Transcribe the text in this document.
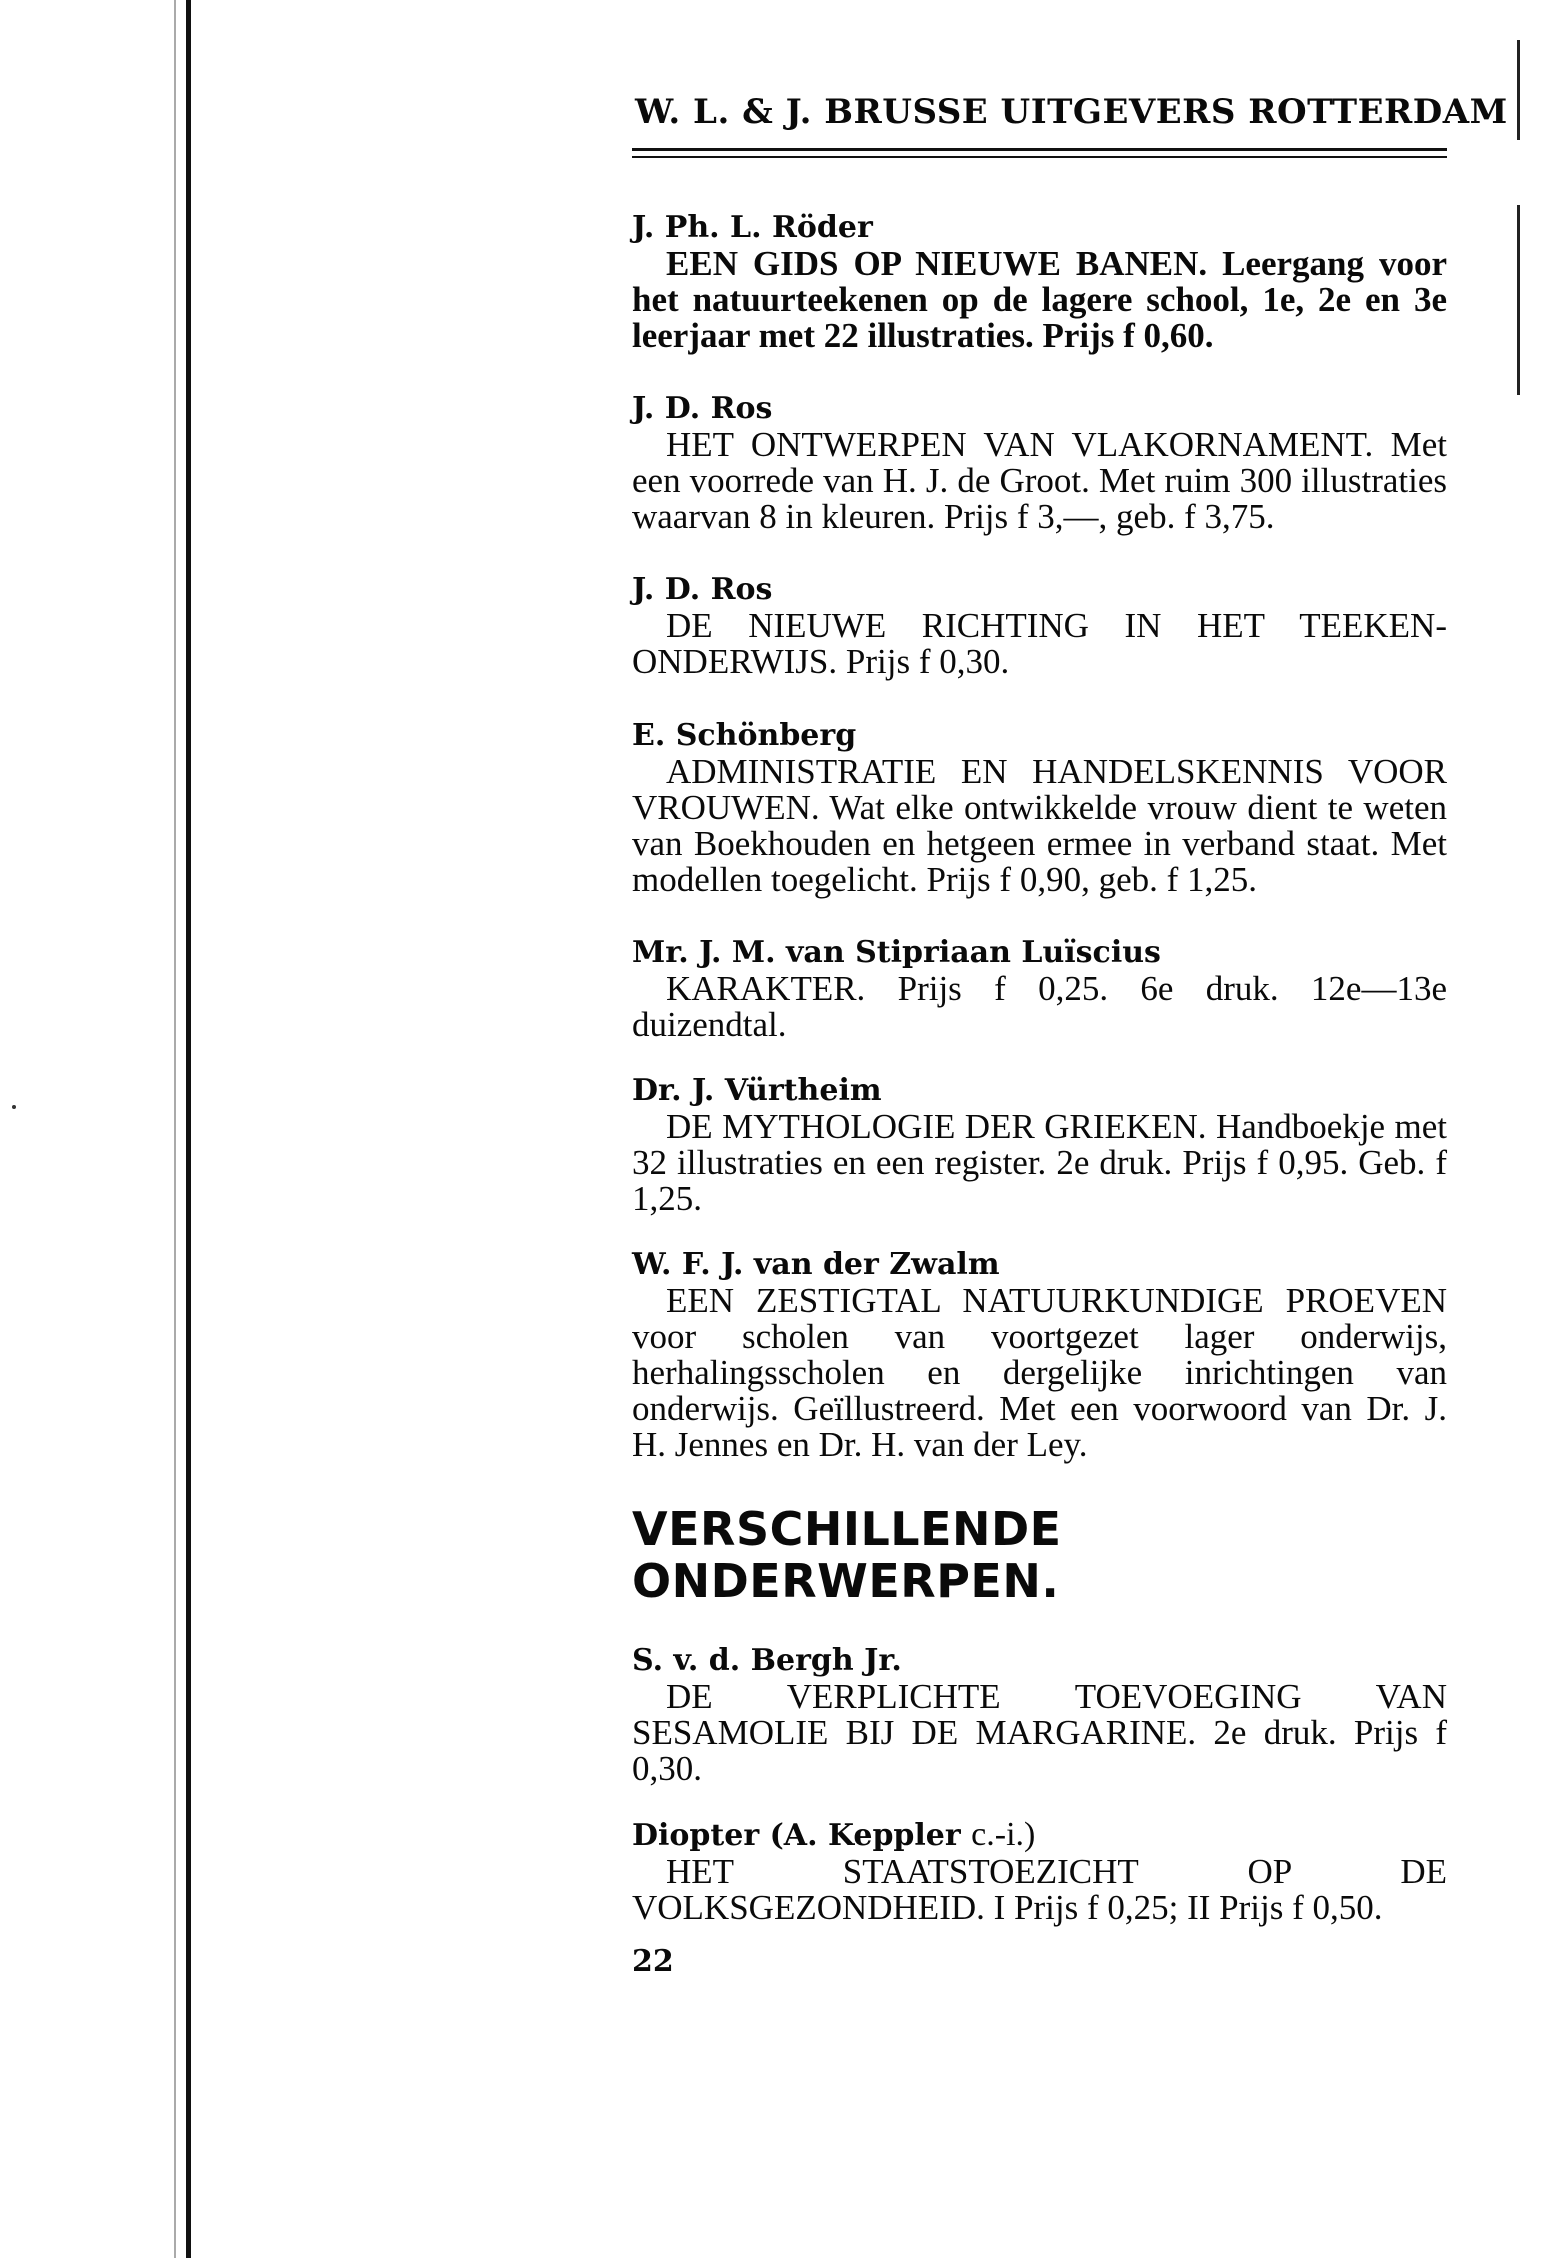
W. L. & J. BRUSSE UITGEVERS ROTTERDAM
J. Ph. L. Röder
EEN GIDS OP NIEUWE BANEN. Leergang voor het natuurteekenen op de lagere school, 1e, 2e en 3e leerjaar met 22 illustraties. Prijs f 0,60.
J. D. Ros
HET ONTWERPEN VAN VLAKORNAMENT. Met een voorrede van H. J. de Groot. Met ruim 300 illustraties waarvan 8 in kleuren. Prijs f 3,—, geb. f 3,75.
J. D. Ros
DE NIEUWE RICHTING IN HET TEEKEN-ONDERWIJS. Prijs f 0,30.
E. Schönberg
ADMINISTRATIE EN HANDELSKENNIS VOOR VROUWEN. Wat elke ontwikkelde vrouw dient te weten van Boekhouden en hetgeen ermee in verband staat. Met modellen toegelicht. Prijs f 0,90, geb. f 1,25.
Mr. J. M. van Stipriaan Luïscius
KARAKTER. Prijs f 0,25. 6e druk. 12e—13e duizendtal.
Dr. J. Vürtheim
DE MYTHOLOGIE DER GRIEKEN. Handboekje met 32 illustraties en een register. 2e druk. Prijs f 0,95. Geb. f 1,25.
W. F. J. van der Zwalm
EEN ZESTIGTAL NATUURKUNDIGE PROEVEN voor scholen van voortgezet lager onderwijs, herhalingsscholen en dergelijke inrichtingen van onderwijs. Geïllustreerd. Met een voorwoord van Dr. J. H. Jennes en Dr. H. van der Ley.
VERSCHILLENDE ONDERWERPEN.
S. v. d. Bergh Jr.
DE VERPLICHTE TOEVOEGING VAN SESAMOLIE BIJ DE MARGARINE. 2e druk. Prijs f 0,30.
Diopter (A. Keppler c.-i.)
HET STAATSTOEZICHT OP DE VOLKSGEZONDHEID. I Prijs f 0,25; II Prijs f 0,50.
22
